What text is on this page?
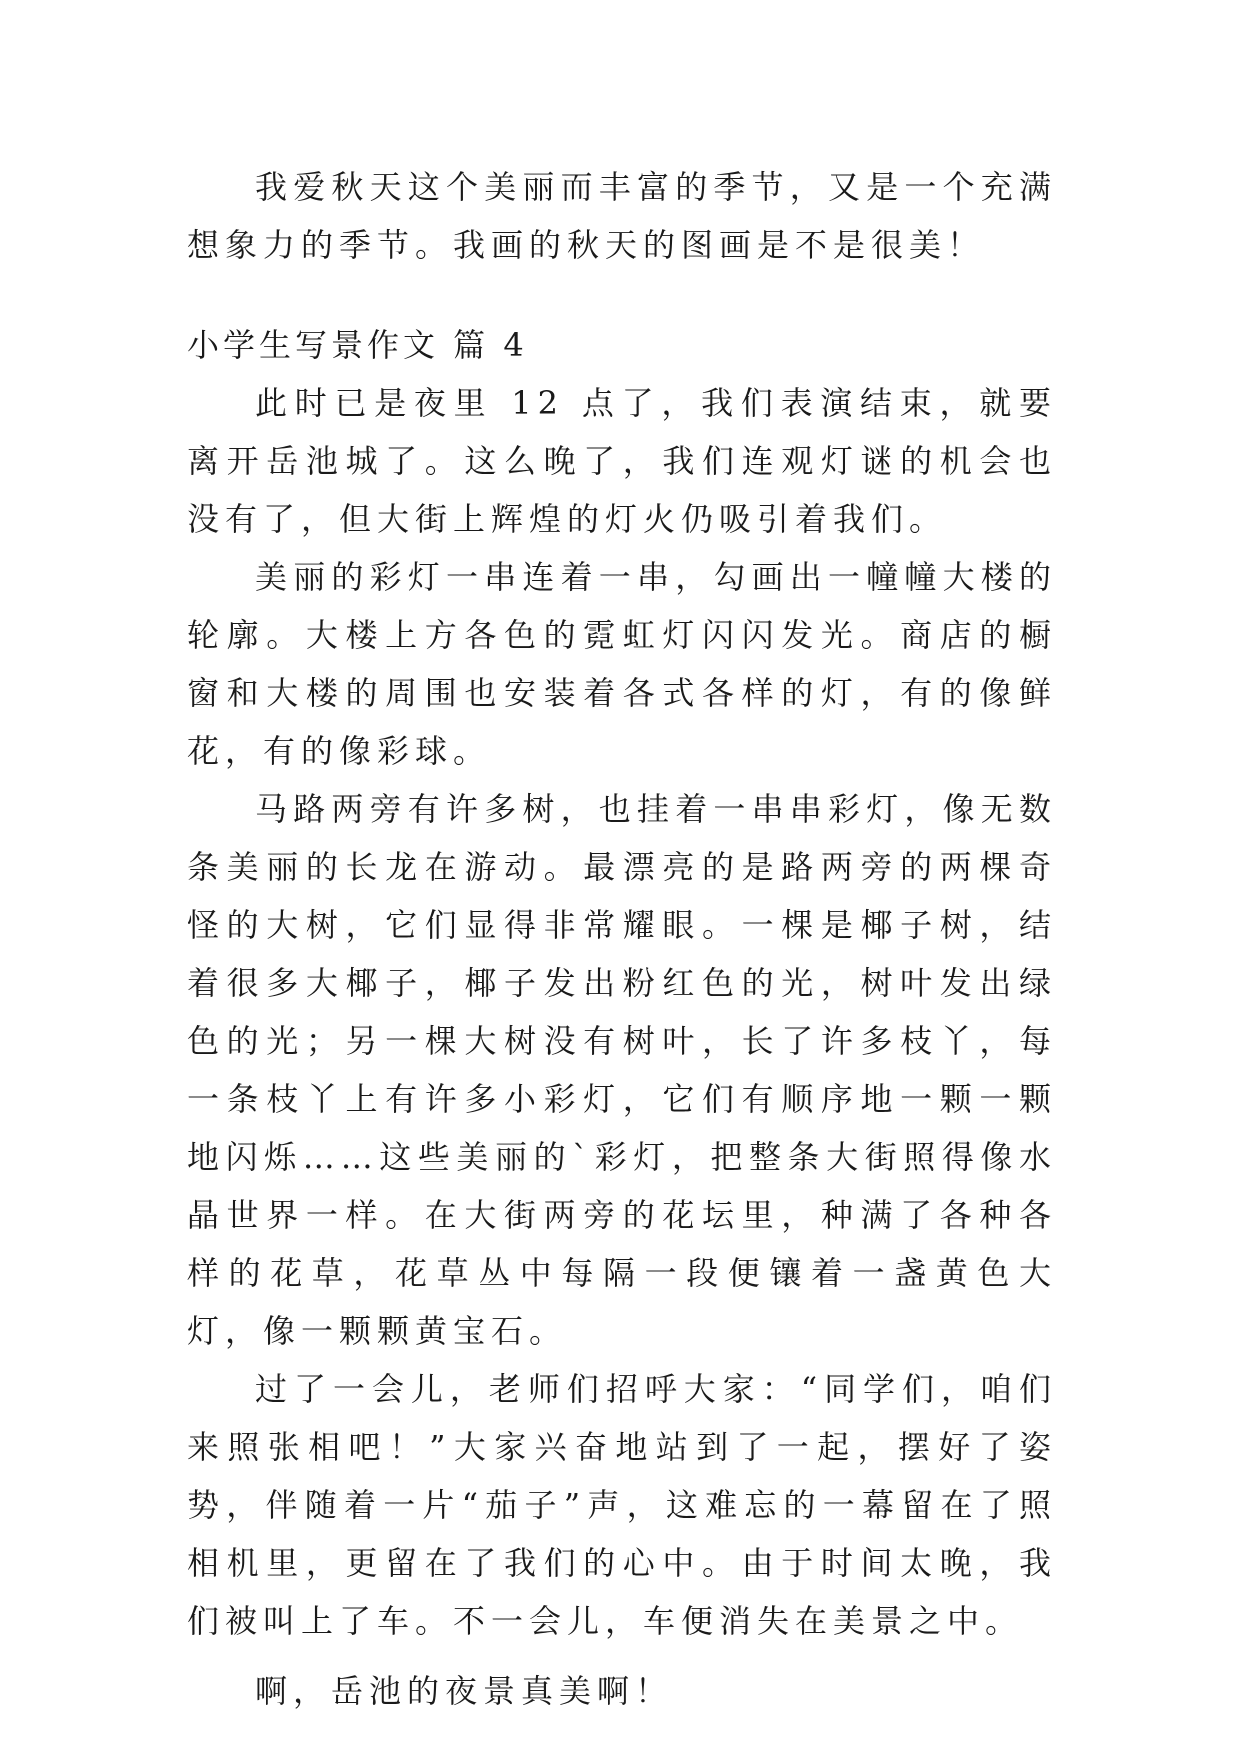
我爱秋天这个美丽而丰富的季节，又是一个充满想象力的季节。我画的秋天的图画是不是很美！

小学生写景作文 篇 4

此时已是夜里 12 点了，我们表演结束，就要离开岳池城了。这么晚了，我们连观灯谜的机会也没有了，但大街上辉煌的灯火仍吸引着我们。

美丽的彩灯一串连着一串，勾画出一幢幢大楼的轮廓。大楼上方各色的霓虹灯闪闪发光。商店的橱窗和大楼的周围也安装着各式各样的灯，有的像鲜花，有的像彩球。

马路两旁有许多树，也挂着一串串彩灯，像无数条美丽的长龙在游动。最漂亮的是路两旁的两棵奇怪的大树，它们显得非常耀眼。一棵是椰子树，结着很多大椰子，椰子发出粉红色的光，树叶发出绿色的光；另一棵大树没有树叶，长了许多枝丫，每一条枝丫上有许多小彩灯，它们有顺序地一颗一颗地闪烁……这些美丽的`彩灯，把整条大街照得像水晶世界一样。在大街两旁的花坛里，种满了各种各样的花草，花草丛中每隔一段便镶着一盏黄色大灯，像一颗颗黄宝石。

过了一会儿，老师们招呼大家：“同学们，咱们来照张相吧！”大家兴奋地站到了一起，摆好了姿势，伴随着一片“茄子”声，这难忘的一幕留在了照相机里，更留在了我们的心中。由于时间太晚，我们被叫上了车。不一会儿，车便消失在美景之中。

啊，岳池的夜景真美啊！
